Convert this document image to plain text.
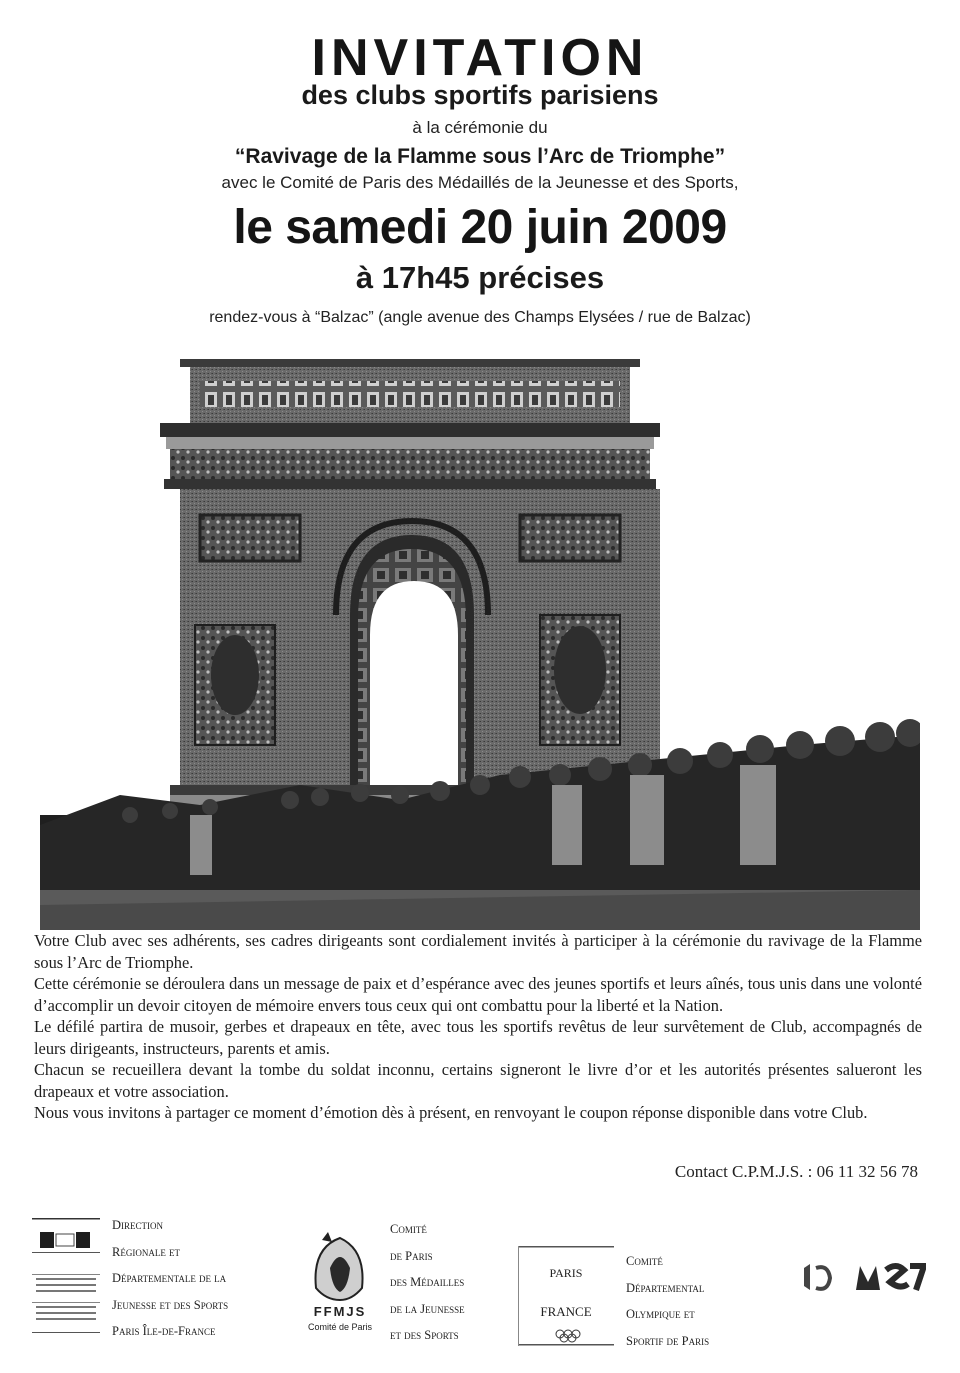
INVITATION
des clubs sportifs parisiens
à la cérémonie du
“Ravivage de la Flamme sous l’Arc de Triomphe”
avec le Comité de Paris des Médaillés de la Jeunesse et des Sports,
le samedi 20 juin 2009
à 17h45 précises
rendez-vous à “Balzac” (angle avenue des Champs Elysées / rue de Balzac)

Votre Club avec ses adhérents, ses cadres dirigeants sont cordialement invités à participer à la cérémonie du ravivage de la Flamme sous l’Arc de Triomphe.

Cette cérémonie se déroulera dans un message de paix et d’espérance avec des jeunes sportifs et leurs aînés, tous unis dans une volonté d’accomplir un devoir citoyen de mémoire envers tous ceux qui ont combattu pour la liberté et la Nation.

Le défilé partira de musoir, gerbes et drapeaux en tête, avec tous les sportifs revêtus de leur survêtement de Club, accompagnés de leurs dirigeants, instructeurs, parents et amis.

Chacun se recueillera devant la tombe du soldat inconnu, certains signeront le livre d’or et les autorités présentes salueront les drapeaux et votre association.

Nous vous invitons à partager ce moment d’émotion dès à présent, en renvoyant le coupon réponse disponible dans votre Club.

Contact C.P.M.J.S. : 06 11 32 56 78
Direction
Régionale et
Départementale de la
Jeunesse et des Sports
Paris Île-de-France
FFMJS
Comité de Paris
Comité
de Paris
des Médailles
de la Jeunesse
et des Sports
PARIS
FRANCE
Comité
Départemental
Olympique et
Sportif de Paris
